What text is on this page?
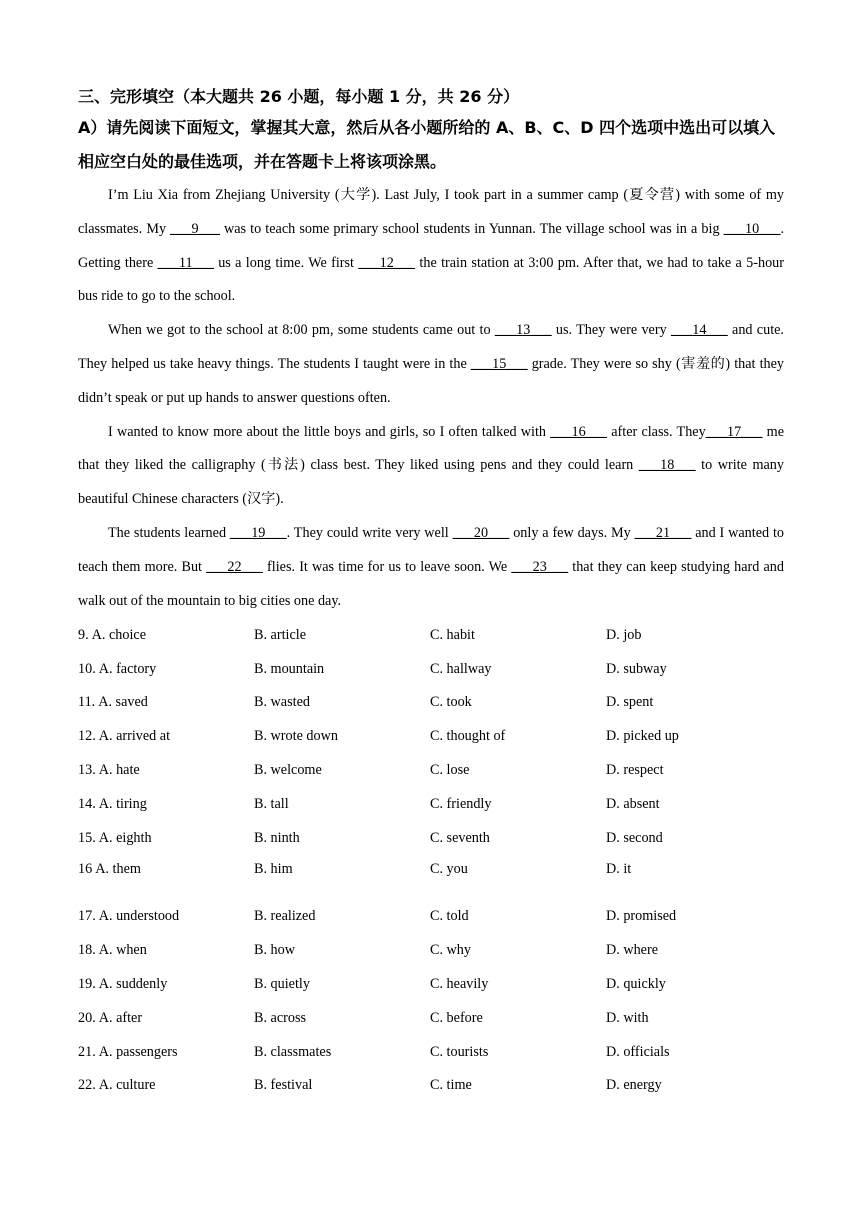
三、完形填空（本大题共 26 小题，每小题 1 分，共 26 分）
A）请先阅读下面短文，掌握其大意，然后从各小题所给的 A、B、C、D 四个选项中选出可以填入相应空白处的最佳选项，并在答题卡上将该项涂黑。

I’m Liu Xia from Zhejiang University (大学). Last July, I took part in a summer camp (夏令营) with some of my classmates. My ___9___ was to teach some primary school students in Yunnan. The village school was in a big ___10___. Getting there ___11___ us a long time. We first ___12___ the train station at 3:00 pm. After that, we had to take a 5-hour bus ride to go to the school.

When we got to the school at 8:00 pm, some students came out to ___13___ us. They were very ___14___ and cute. They helped us take heavy things. The students I taught were in the ___15___ grade. They were so shy (害羞的) that they didn’t speak or put up hands to answer questions often.

I wanted to know more about the little boys and girls, so I often talked with ___16___ after class. They___17___ me that they liked the calligraphy (书法) class best. They liked using pens and they could learn ___18___ to write many beautiful Chinese characters (汉字).

The students learned ___19___. They could write very well ___20___ only a few days. My ___21___ and I wanted to teach them more. But ___22___ flies. It was time for us to leave soon. We ___23___ that they can keep studying hard and walk out of the mountain to big cities one day.

9. A. choice	B. article	C. habit	D. job
10. A. factory	B. mountain	C. hallway	D. subway
11. A. saved	B. wasted	C. took	D. spent
12. A. arrived at	B. wrote down	C. thought of	D. picked up
13. A. hate	B. welcome	C. lose	D. respect
14. A. tiring	B. tall	C. friendly	D. absent
15. A. eighth	B. ninth	C. seventh	D. second
16 A. them	B. him	C. you	D. it
17. A. understood	B. realized	C. told	D. promised
18. A. when	B. how	C. why	D. where
19. A. suddenly	B. quietly	C. heavily	D. quickly
20. A. after	B. across	C. before	D. with
21. A. passengers	B. classmates	C. tourists	D. officials
22. A. culture	B. festival	C. time	D. energy
